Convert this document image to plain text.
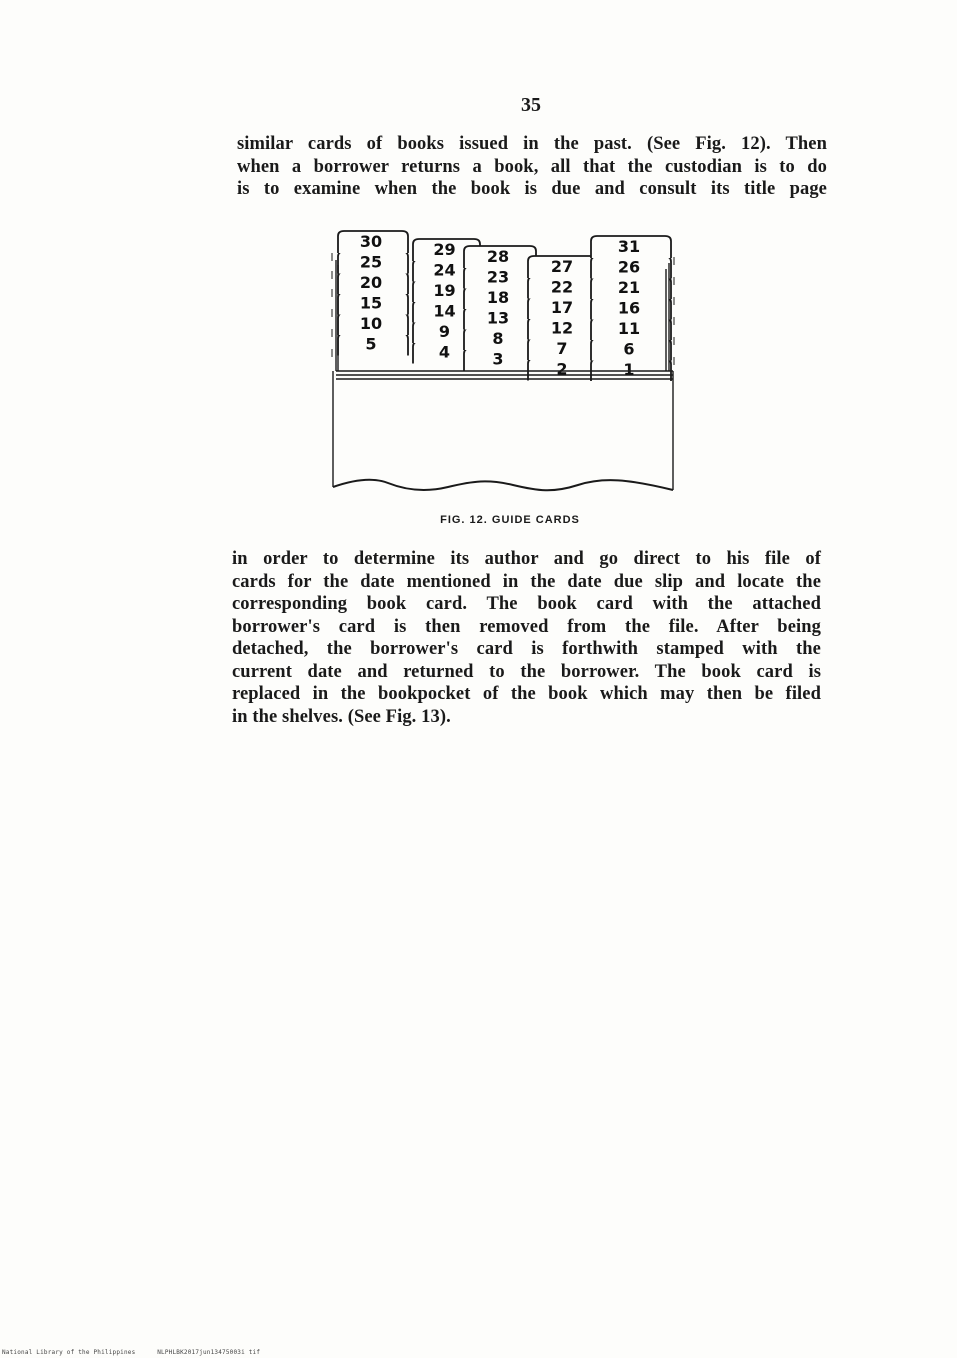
35

similar cards of books issued in the past. (See Fig. 12). Then
when a borrower returns a book, all that the custodian is to do
is to examine when the book is due and consult its title page

5
10
15
20
25
30
4
9
14
19
24
29
3
8
13
18
23
28
2
7
12
17
22
27
1
6
11
16
21
26
31
FIG. 12. GUIDE CARDS

in order to determine its author and go direct to his file of
cards for the date mentioned in the date due slip and locate the
corresponding book card. The book card with the attached
borrower's card is then removed from the file. After being
detached, the borrower's card is forthwith stamped with the
current date and returned to the borrower. The book card is
replaced in the bookpocket of the book which may then be filed
in the shelves. (See Fig. 13).

National Library of the Philippines	NLPHLBK2017jun13475003i tif
